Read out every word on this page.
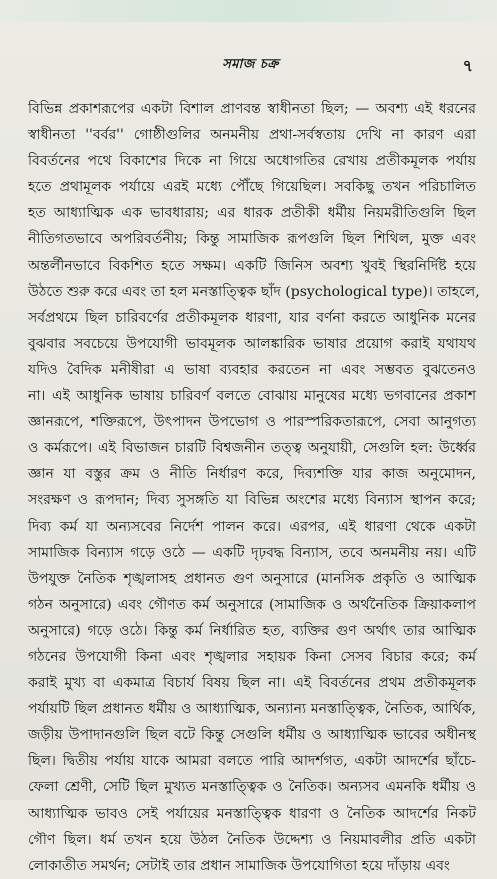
সমাজ চক্র	৭
বিভিন্ন প্রকাশরূপের একটা বিশাল প্রাণবন্ত স্বাধীনতা ছিল; — অবশ্য এই ধরনের
স্বাধীনতা ''বর্বর'' গোষ্ঠীগুলির অনমনীয় প্রথা-সর্বস্বতায় দেখি না কারণ এরা
বিবর্তনের পথে বিকাশের দিকে না গিয়ে অধোগতির রেখায় প্রতীকমূলক পর্যায়
হতে প্রথামূলক পর্যায়ে এরই মধ্যে পৌঁছে গিয়েছিল। সবকিছু তখন পরিচালিত
হত আধ্যাত্মিক এক ভাবধারায়; এর ধারক প্রতীকী ধর্মীয় নিয়মরীতিগুলি ছিল
নীতিগতভাবে অপরিবর্তনীয়; কিন্তু সামাজিক রূপগুলি ছিল শিথিল, মুক্ত এবং
অন্তর্লীনভাবে বিকশিত হতে সক্ষম। একটি জিনিস অবশ্য খুবই স্থিরনির্দিষ্ট হয়ে
উঠতে শুরু করে এবং তা হল মনস্তাত্ত্বিক ছাঁদ (psychological type)। তাহলে,
সর্বপ্রথমে ছিল চারিবর্ণের প্রতীকমূলক ধারণা, যার বর্ণনা করতে আধুনিক মনের
বুঝবার সবচেয়ে উপযোগী ভাবমূলক আলঙ্কারিক ভাষার প্রয়োগ করাই যথাযথ
যদিও বৈদিক মনীষীরা এ ভাষা ব্যবহার করতেন না এবং সম্ভবত বুঝতেনও
না। এই আধুনিক ভাষায় চারিবর্ণ বলতে বোঝায় মানুষের মধ্যে ভগবানের প্রকাশ
জ্ঞানরূপে, শক্তিরূপে, উৎপাদন উপভোগ ও পারস্পরিকতারূপে, সেবা আনুগত্য
ও কর্মরূপে। এই বিভাজন চারটি বিশ্বজনীন তত্ত্ব অনুযায়ী, সেগুলি হল: উর্ধ্বের
জ্ঞান যা বস্তুর ক্রম ও নীতি নির্ধারণ করে, দিব্যশক্তি যার কাজ অনুমোদন,
সংরক্ষণ ও রূপদান; দিব্য সুসঙ্গতি যা বিভিন্ন অংশের মধ্যে বিন্যাস স্থাপন করে;
দিব্য কর্ম যা অন্যসবের নির্দেশ পালন করে। এরপর, এই ধারণা থেকে একটা
সামাজিক বিন্যাস গড়ে ওঠে — একটি দৃঢ়বদ্ধ বিন্যাস, তবে অনমনীয় নয়। এটি
উপযুক্ত নৈতিক শৃঙ্খলাসহ প্রধানত গুণ অনুসারে (মানসিক প্রকৃতি ও আত্মিক
গঠন অনুসারে) এবং গৌণত কর্ম অনুসারে (সামাজিক ও অর্থনৈতিক ক্রিয়াকলাপ
অনুসারে) গড়ে ওঠে। কিন্তু কর্ম নির্ধারিত হত, ব্যক্তির গুণ অর্থাৎ তার আত্মিক
গঠনের উপযোগী কিনা এবং শৃঙ্খলার সহায়ক কিনা সেসব বিচার করে; কর্ম
করাই মুখ্য বা একমাত্র বিচার্য বিষয় ছিল না। এই বিবর্তনের প্রথম প্রতীকমূলক
পর্যায়টি ছিল প্রধানত ধর্মীয় ও আধ্যাত্মিক, অন্যান্য মনস্তাত্ত্বিক, নৈতিক, আর্থিক,
জড়ীয় উপাদানগুলি ছিল বটে কিন্তু সেগুলি ধর্মীয় ও আধ্যাত্মিক ভাবের অধীনস্থ
ছিল। দ্বিতীয় পর্যায় যাকে আমরা বলতে পারি আদর্শগত, একটা আদর্শের ছাঁচে-
ফেলা শ্রেণী, সেটি ছিল মুখ্যত মনস্তাত্ত্বিক ও নৈতিক। অন্যসব এমনকি ধর্মীয় ও
আধ্যাত্মিক ভাবও সেই পর্যায়ের মনস্তাত্ত্বিক ধারণা ও নৈতিক আদর্শের নিকট
গৌণ ছিল। ধর্ম তখন হয়ে উঠল নৈতিক উদ্দেশ্য ও নিয়মাবলীর প্রতি একটা
লোকাতীত সমর্থন; সেটাই তার প্রধান সামাজিক উপযোগিতা হয়ে দাঁড়ায় এবং
